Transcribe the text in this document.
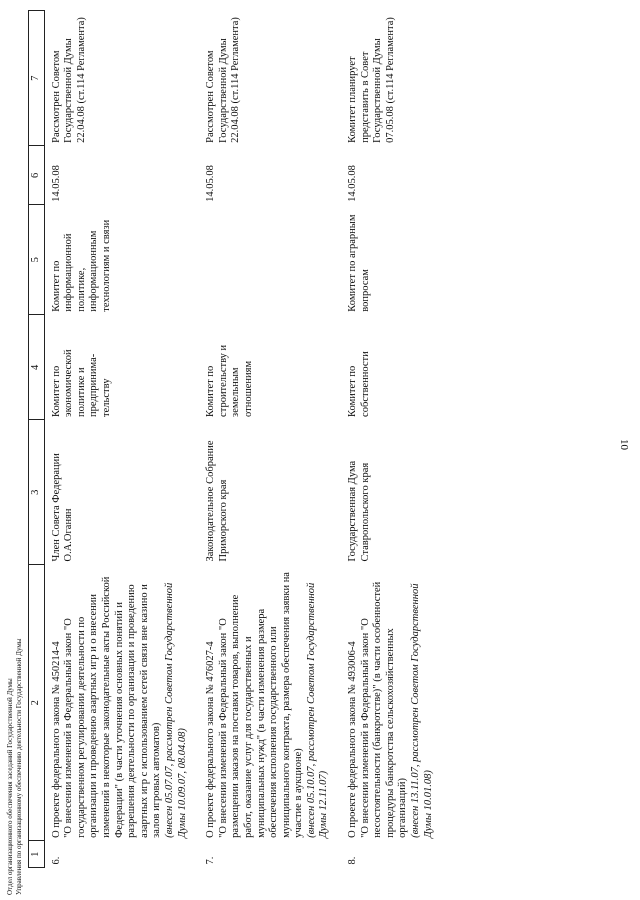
Отдел организационного обеспечения заседаний Государственной Думы Управления по организационному обеспечению деятельности Государственной Думы 1	2	3	4	5	6	7
6.	О проекте федерального закона № 450214-4 "О внесении изменений в Федеральный закон "О государственном регулировании деятельности по организации и проведению азартных игр и о внесении изменений в некоторые законодательные акты Российской Федерации" (в части уточнения основных понятий и разрешения деятельности по организации и проведению азартных игр с использованием сетей связи вне казино и залов игровых автоматов) (внесен 05.07.07, рассмотрен Советом Государственной Думы 10.09.07, 08.04.08)	Член Совета Федерации О.А.Оганян	Комитет по экономической политике и предпринима-тельству	Комитет по информационной политике, информационным технологиям и связи	14.05.08	Рассмотрен Советом Государственной Думы 22.04.08 (ст.114 Регламента)
7.	О проекте федерального закона № 476027-4 "О внесении изменений в Федеральный закон "О размещении заказов на поставки товаров, выполнение работ, оказание услуг для государственных и муниципальных нужд" (в части изменения размера обеспечения исполнения государственного или муниципального контракта, размера обеспечения заявки на участие в аукционе) (внесен 05.10.07, рассмотрен Советом Государственной Думы 12.11.07)	Законодательное Собрание Приморского края	Комитет по строительству и земельным отношениям		14.05.08	Рассмотрен Советом Государственной Думы 22.04.08 (ст.114 Регламента)
8.	О проекте федерального закона № 493006-4 "О внесении изменений в Федеральный закон "О несостоятельности (банкротстве)" (в части особенностей процедуры банкротства сельскохозяйственных организаций) (внесен 13.11.07, рассмотрен Советом Государственной Думы 10.01.08)	Государственная Дума Ставропольского края	Комитет по собственности	Комитет по аграрным вопросам	14.05.08	Комитет планирует представить в Совет Государственной Думы 07.05.08 (ст.114 Регламента)
10
